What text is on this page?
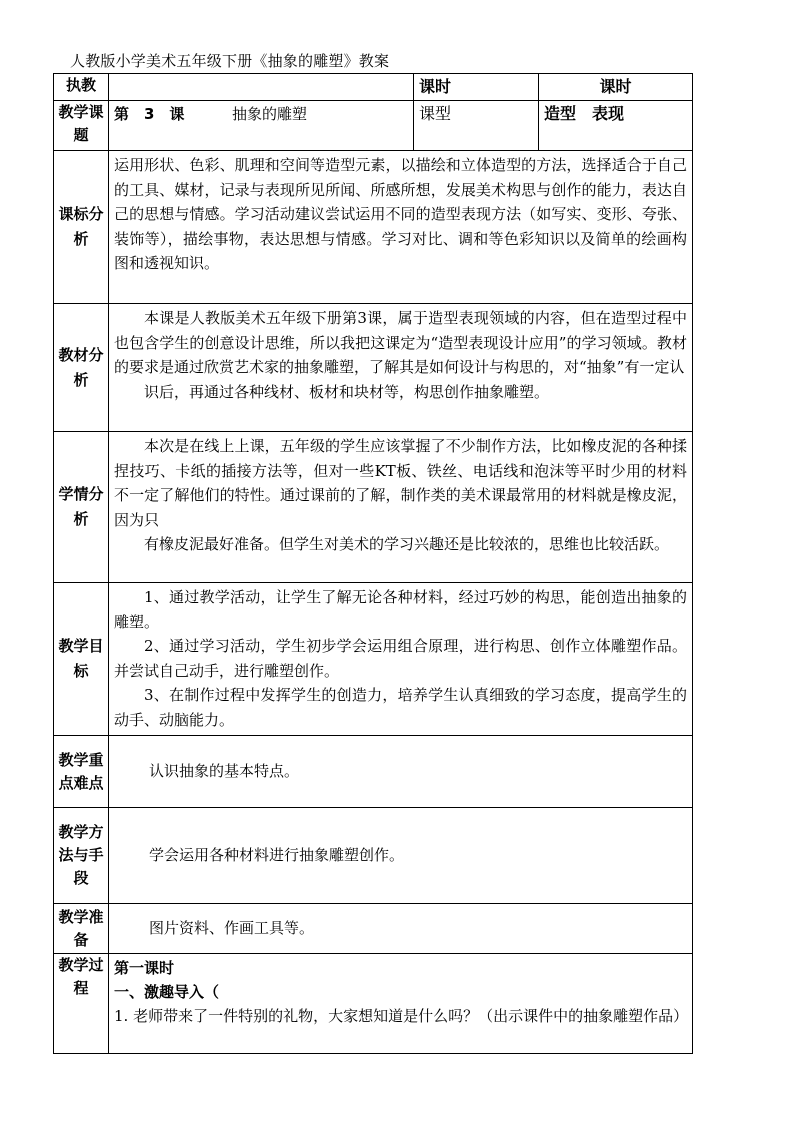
人教版小学美术五年级下册《抽象的雕塑》教案
执教		课时	课时
教学课题	第　3　课 抽象的雕塑	课型	造型　表现
课标分析	运用形状、色彩、肌理和空间等造型元素，以描绘和立体造型的方法，选择适合于自己的工具、媒材，记录与表现所见所闻、所感所想，发展美术构思与创作的能力，表达自己的思想与情感。学习活动建议尝试运用不同的造型表现方法（如写实、变形、夸张、装饰等），描绘事物，表达思想与情感。学习对比、调和等色彩知识以及简单的绘画构图和透视知识。		
教材分析	本课是人教版美术五年级下册第3课，属于造型表现领域的内容，但在造型过程中也包含学生的创意设计思维，所以我把这课定为“造型表现设计应用”的学习领域。教材的要求是通过欣赏艺术家的抽象雕塑，了解其是如何设计与构思的，对“抽象”有一定认
识后，再通过各种线材、板材和块材等，构思创作抽象雕塑。		

学情分析	本次是在线上上课，五年级的学生应该掌握了不少制作方法，比如橡皮泥的各种揉捏技巧、卡纸的插接方法等，但对一些KT板、铁丝、电话线和泡沫等平时少用的材料不一定了解他们的特性。通过课前的了解，制作类的美术课最常用的材料就是橡皮泥，因为只
有橡皮泥最好准备。但学生对美术的学习兴趣还是比较浓的，思维也比较活跃。		

教学目标	1、通过教学活动，让学生了解无论各种材料，经过巧妙的构思，能创造出抽象的雕塑。
2、通过学习活动，学生初步学会运用组合原理，进行构思、创作立体雕塑作品。并尝试自己动手，进行雕塑创作。
3、在制作过程中发挥学生的创造力，培养学生认真细致的学习态度，提高学生的动手、动脑能力。		

教学重点难点	认识抽象的基本特点。		
教学方法与手段	学会运用各种材料进行抽象雕塑创作。		
教学准备	图片资料、作画工具等。		
教学过程	第一课时
一、激趣导入（
1. 老师带来了一件特别的礼物，大家想知道是什么吗？（出示课件中的抽象雕塑作品）		
